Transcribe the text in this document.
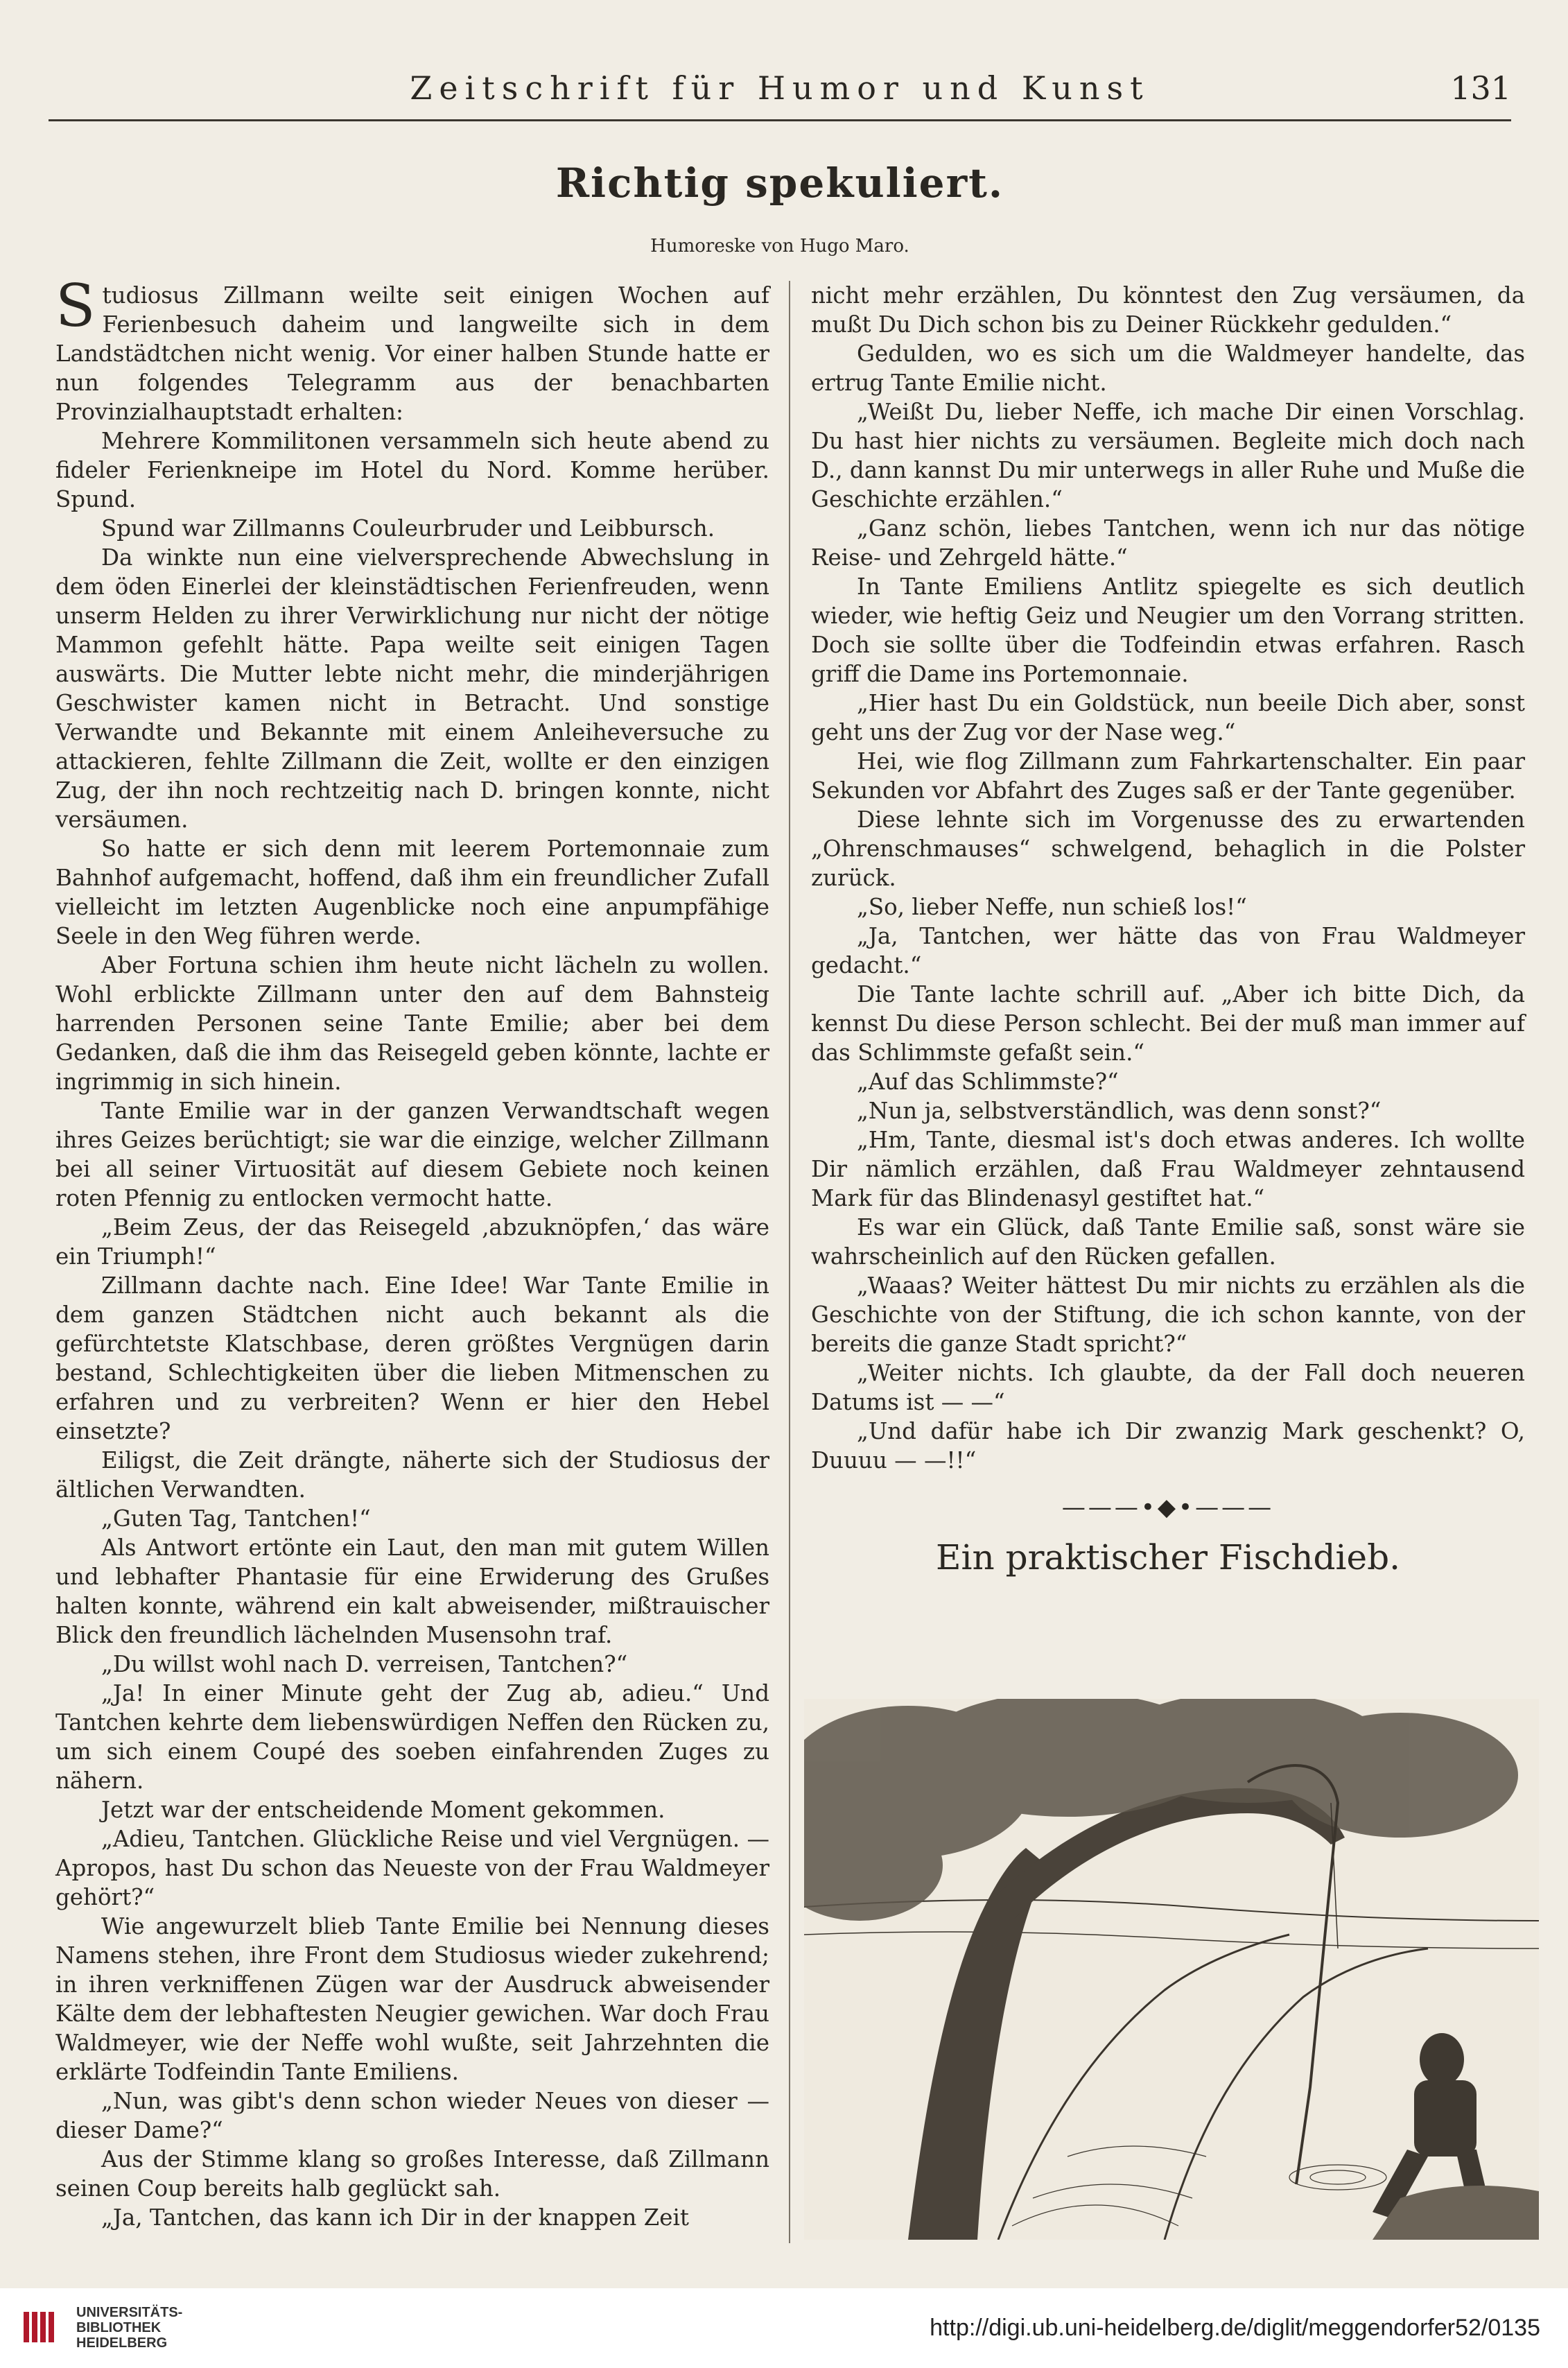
Zeitschrift für Humor und Kunst	131
Richtig spekuliert.
Humoreske von Hugo Maro.

Studiosus Zillmann weilte seit einigen Wochen auf Ferienbesuch daheim und langweilte sich in dem Landstädtchen nicht wenig. Vor einer halben Stunde hatte er nun folgendes Telegramm aus der benachbarten Provinzialhauptstadt erhalten:

Mehrere Kommilitonen versammeln sich heute abend zu fideler Ferienkneipe im Hotel du Nord. Komme herüber. Spund.

Spund war Zillmanns Couleurbruder und Leibbursch.

Da winkte nun eine vielversprechende Abwechslung in dem öden Einerlei der kleinstädtischen Ferienfreuden, wenn unserm Helden zu ihrer Verwirklichung nur nicht der nötige Mammon gefehlt hätte. Papa weilte seit einigen Tagen auswärts. Die Mutter lebte nicht mehr, die minderjährigen Geschwister kamen nicht in Betracht. Und sonstige Verwandte und Bekannte mit einem Anleiheversuche zu attackieren, fehlte Zillmann die Zeit, wollte er den einzigen Zug, der ihn noch rechtzeitig nach D. bringen konnte, nicht versäumen.

So hatte er sich denn mit leerem Portemonnaie zum Bahnhof aufgemacht, hoffend, daß ihm ein freundlicher Zufall vielleicht im letzten Augenblicke noch eine anpumpfähige Seele in den Weg führen werde.

Aber Fortuna schien ihm heute nicht lächeln zu wollen. Wohl erblickte Zillmann unter den auf dem Bahnsteig harrenden Personen seine Tante Emilie; aber bei dem Gedanken, daß die ihm das Reisegeld geben könnte, lachte er ingrimmig in sich hinein.

Tante Emilie war in der ganzen Verwandtschaft wegen ihres Geizes berüchtigt; sie war die einzige, welcher Zillmann bei all seiner Virtuosität auf diesem Gebiete noch keinen roten Pfennig zu entlocken vermocht hatte.

„Beim Zeus, der das Reisegeld ‚abzuknöpfen,‘ das wäre ein Triumph!“

Zillmann dachte nach. Eine Idee! War Tante Emilie in dem ganzen Städtchen nicht auch bekannt als die gefürchtetste Klatschbase, deren größtes Vergnügen darin bestand, Schlechtigkeiten über die lieben Mitmenschen zu erfahren und zu verbreiten? Wenn er hier den Hebel einsetzte?

Eiligst, die Zeit drängte, näherte sich der Studiosus der ältlichen Verwandten.

„Guten Tag, Tantchen!“

Als Antwort ertönte ein Laut, den man mit gutem Willen und lebhafter Phantasie für eine Erwiderung des Grußes halten konnte, während ein kalt abweisender, mißtrauischer Blick den freundlich lächelnden Musensohn traf.

„Du willst wohl nach D. verreisen, Tantchen?“

„Ja! In einer Minute geht der Zug ab, adieu.“ Und Tantchen kehrte dem liebenswürdigen Neffen den Rücken zu, um sich einem Coupé des soeben einfahrenden Zuges zu nähern.

Jetzt war der entscheidende Moment gekommen.

„Adieu, Tantchen. Glückliche Reise und viel Vergnügen. — Apropos, hast Du schon das Neueste von der Frau Waldmeyer gehört?“

Wie angewurzelt blieb Tante Emilie bei Nennung dieses Namens stehen, ihre Front dem Studiosus wieder zukehrend; in ihren verkniffenen Zügen war der Ausdruck abweisender Kälte dem der lebhaftesten Neugier gewichen. War doch Frau Waldmeyer, wie der Neffe wohl wußte, seit Jahrzehnten die erklärte Todfeindin Tante Emiliens.

„Nun, was gibt's denn schon wieder Neues von dieser — dieser Dame?“

Aus der Stimme klang so großes Interesse, daß Zillmann seinen Coup bereits halb geglückt sah.

„Ja, Tantchen, das kann ich Dir in der knappen Zeit

nicht mehr erzählen, Du könntest den Zug versäumen, da mußt Du Dich schon bis zu Deiner Rückkehr gedulden.“

Gedulden, wo es sich um die Waldmeyer handelte, das ertrug Tante Emilie nicht.

„Weißt Du, lieber Neffe, ich mache Dir einen Vorschlag. Du hast hier nichts zu versäumen. Begleite mich doch nach D., dann kannst Du mir unterwegs in aller Ruhe und Muße die Geschichte erzählen.“

„Ganz schön, liebes Tantchen, wenn ich nur das nötige Reise- und Zehrgeld hätte.“

In Tante Emiliens Antlitz spiegelte es sich deutlich wieder, wie heftig Geiz und Neugier um den Vorrang stritten. Doch sie sollte über die Todfeindin etwas erfahren. Rasch griff die Dame ins Portemonnaie.

„Hier hast Du ein Goldstück, nun beeile Dich aber, sonst geht uns der Zug vor der Nase weg.“

Hei, wie flog Zillmann zum Fahrkartenschalter. Ein paar Sekunden vor Abfahrt des Zuges saß er der Tante gegenüber.

Diese lehnte sich im Vorgenusse des zu erwartenden „Ohrenschmauses“ schwelgend, behaglich in die Polster zurück.

„So, lieber Neffe, nun schieß los!“

„Ja, Tantchen, wer hätte das von Frau Waldmeyer gedacht.“

Die Tante lachte schrill auf. „Aber ich bitte Dich, da kennst Du diese Person schlecht. Bei der muß man immer auf das Schlimmste gefaßt sein.“

„Auf das Schlimmste?“

„Nun ja, selbstverständlich, was denn sonst?“

„Hm, Tante, diesmal ist's doch etwas anderes. Ich wollte Dir nämlich erzählen, daß Frau Waldmeyer zehntausend Mark für das Blindenasyl gestiftet hat.“

Es war ein Glück, daß Tante Emilie saß, sonst wäre sie wahrscheinlich auf den Rücken gefallen.

„Waaas? Weiter hättest Du mir nichts zu erzählen als die Geschichte von der Stiftung, die ich schon kannte, von der bereits die ganze Stadt spricht?“

„Weiter nichts. Ich glaubte, da der Fall doch neueren Datums ist — —“

„Und dafür habe ich Dir zwanzig Mark geschenkt? O, Duuuu — —!!“

———•◆•———
Ein praktischer Fischdieb.
UNIVERSITÄTS-
BIBLIOTHEK
HEIDELBERG
http://digi.ub.uni-heidelberg.de/diglit/meggendorfer52/0135
